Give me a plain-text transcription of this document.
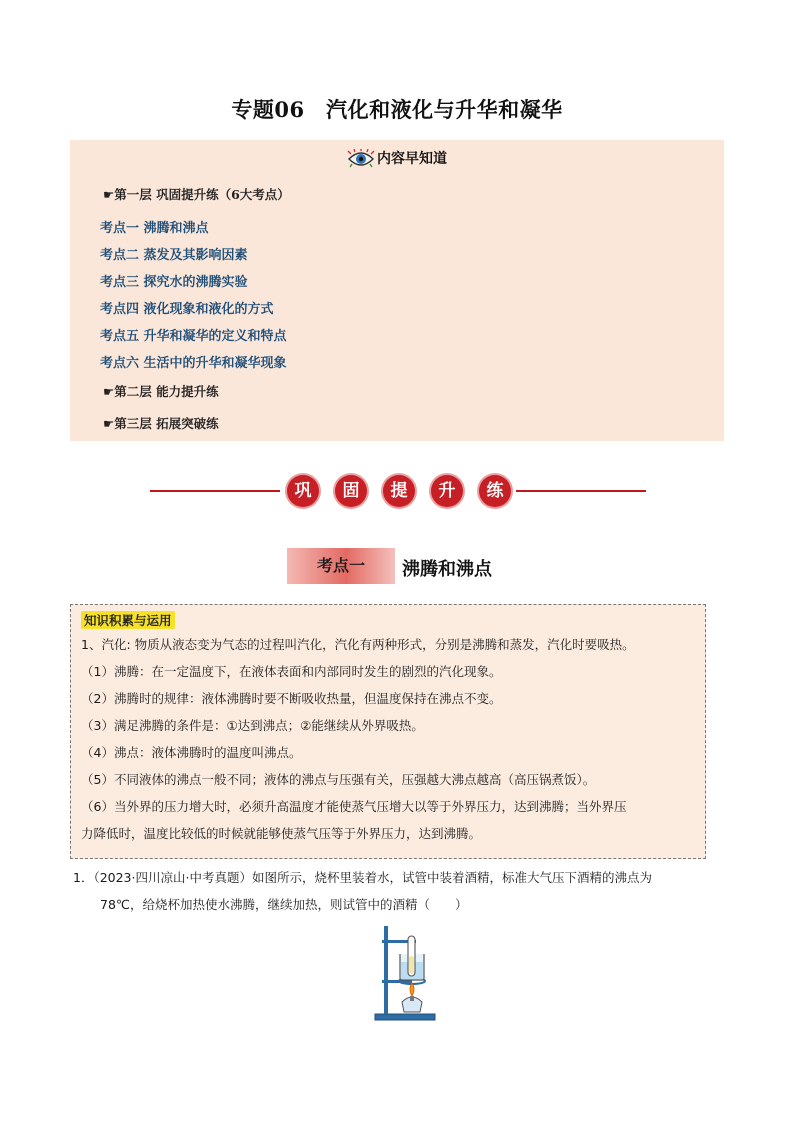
专题06　汽化和液化与升华和凝华
内容早知道
☛第一层 巩固提升练（6大考点）
考点一 沸腾和沸点
考点二 蒸发及其影响因素
考点三 探究水的沸腾实验
考点四 液化现象和液化的方式
考点五 升华和凝华的定义和特点
考点六 生活中的升华和凝华现象
☛第二层 能力提升练
☛第三层 拓展突破练
巩	固	提	升	练
考点一	沸腾和沸点
知识积累与运用
1、汽化: 物质从液态变为气态的过程叫汽化，汽化有两种形式，分别是沸腾和蒸发，汽化时要吸热。
（1）沸腾：在一定温度下，在液体表面和内部同时发生的剧烈的汽化现象。
（2）沸腾时的规律：液体沸腾时要不断吸收热量，但温度保持在沸点不变。
（3）满足沸腾的条件是：①达到沸点；②能继续从外界吸热。
（4）沸点：液体沸腾时的温度叫沸点。
（5）不同液体的沸点一般不同；液体的沸点与压强有关，压强越大沸点越高（高压锅煮饭）。
（6）当外界的压力增大时，必须升高温度才能使蒸气压增大以等于外界压力，达到沸腾；当外界压
力降低时，温度比较低的时候就能够使蒸气压等于外界压力，达到沸腾。
1．（2023·四川凉山·中考真题）如图所示，烧杯里装着水，试管中装着酒精，标准大气压下酒精的沸点为
78℃，给烧杯加热使水沸腾，继续加热，则试管中的酒精（　　）
